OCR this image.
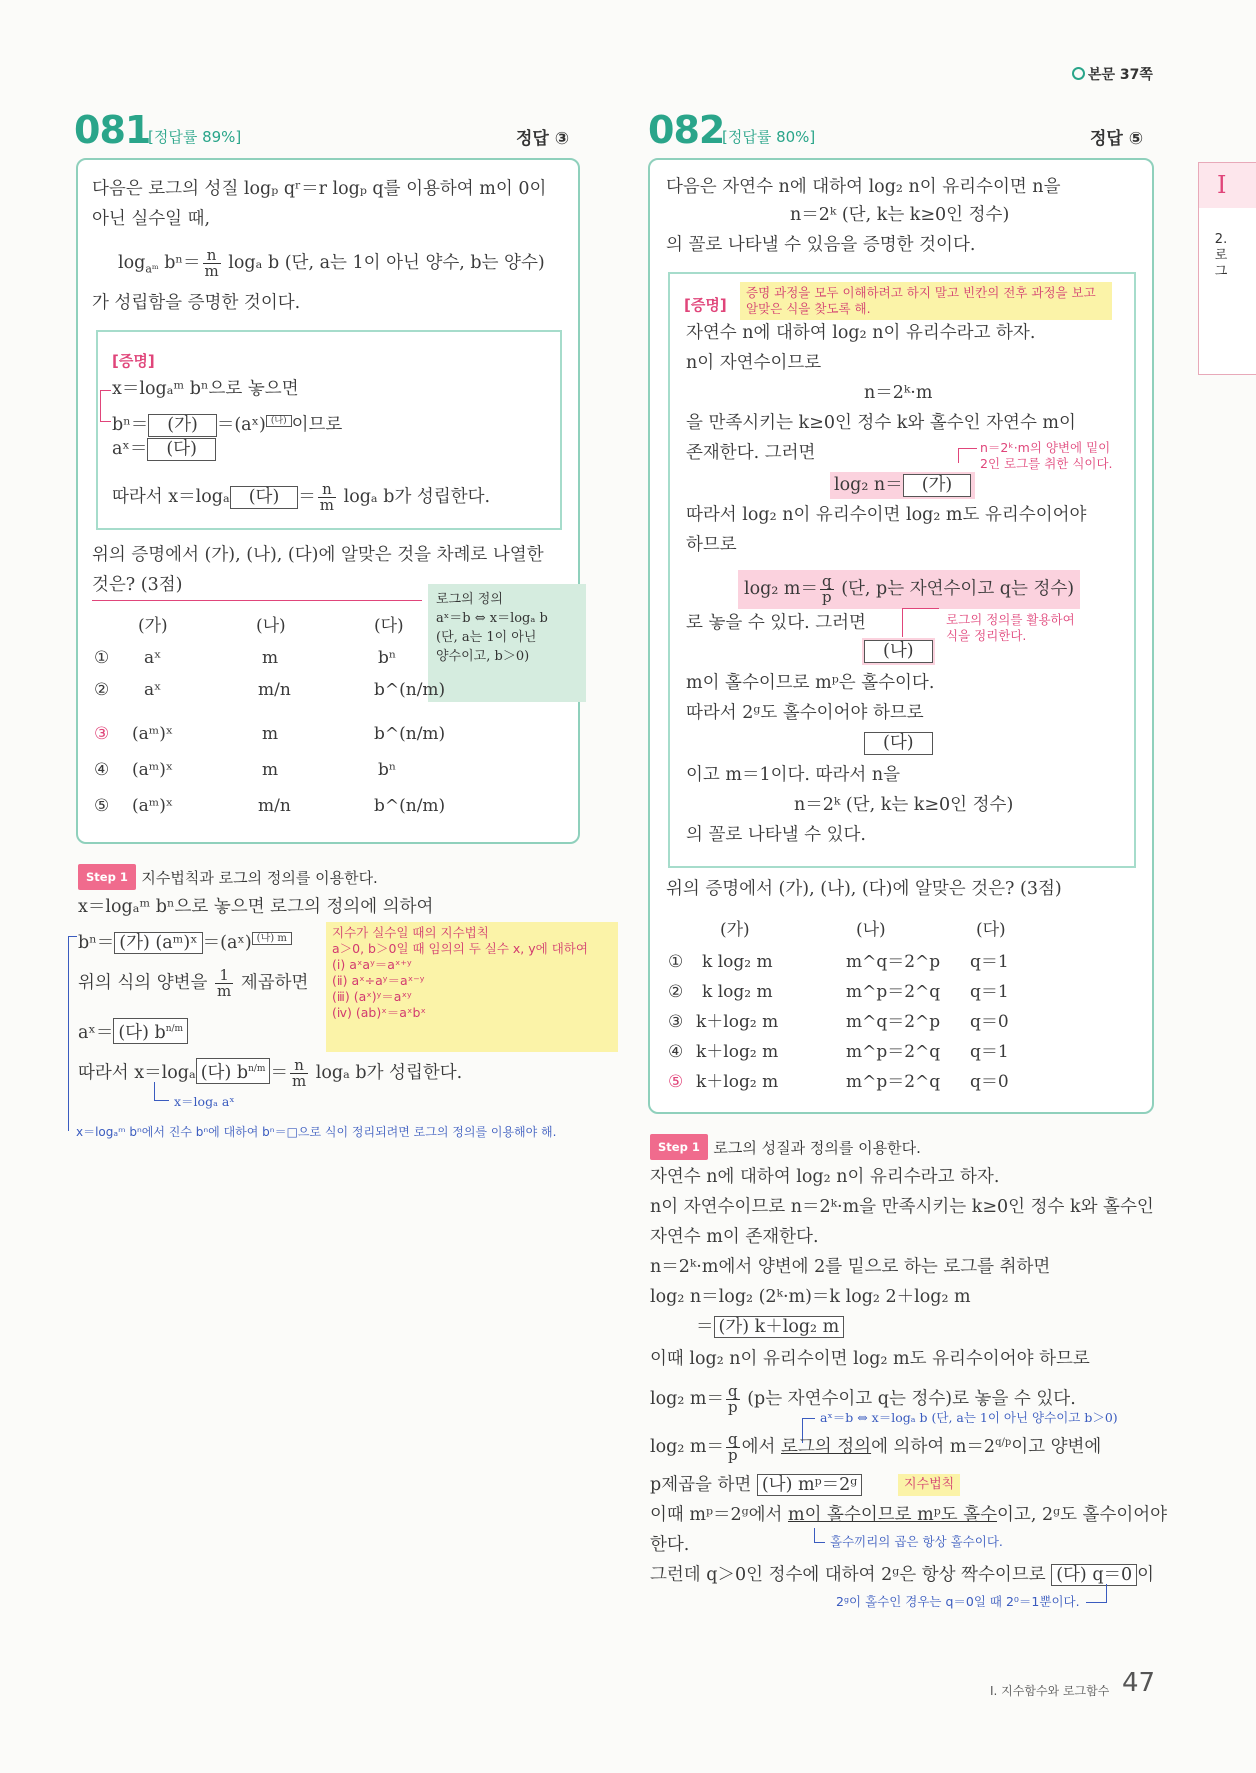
본문 37쪽
Ⅰ
2.
로
그
081
[정답률 89%]	정답 ③
다음은 로그의 성질 logₚ qʳ＝r logₚ q를 이용하여 m이 0이
아닌 실수일 때,
$\log_{aᵐ} b^n= \frac{n}{m}$ logₐ b (단, a는 1이 아닌 양수, b는 양수)
가 성립함을 증명한 것이다.
[증명]
x＝logₐᵐ bⁿ으로 놓으면
bⁿ＝ (가) ＝(aˣ) $^{(나)}$ 이므로
aˣ＝ (다)
따라서 x＝logₐ (다) ＝ $\frac{n}{m}$ logₐ b가 성립한다.
위의 증명에서 (가), (나), (다)에 알맞은 것을 차례로 나열한
것은? (3점)
로그의 정의
aˣ＝b ⇔ x＝logₐ b
(단, a는 1이 아닌
양수이고, b＞0)
(가)	(나)	(다)
① aˣ	m	bⁿ
② aˣ	m/n	b^(n/m)
③ (aᵐ)ˣ	m	b^(n/m)
④ (aᵐ)ˣ	m	bⁿ
⑤ (aᵐ)ˣ	m/n	b^(n/m)
Step 1 지수법칙과 로그의 정의를 이용한다.
x＝logₐᵐ bⁿ으로 놓으면 로그의 정의에 의하여
bⁿ＝ (가) (aᵐ)ˣ ＝(aˣ) $^{(나) m}$	지수가 실수일 때의 지수법칙
a＞0, b＞0일 때 임의의 두 실수 x, y에 대하여
(ⅰ) aˣaʸ＝aˣ⁺ʸ
(ⅱ) aˣ÷aʸ＝aˣ⁻ʸ
(ⅲ) (aˣ)ʸ＝aˣʸ
(ⅳ) (ab)ˣ＝aˣbˣ
위의 식의 양변을 $\frac{1}{m}$ 제곱하면
aˣ＝ (다) $b^{n/m}$
따라서 x＝logₐ (다) $b^{n/m} = \frac{n}{m}$ logₐ b가 성립한다.
x＝logₐ aˣ
x＝logₐᵐ bⁿ에서 진수 bⁿ에 대하여 bⁿ＝□으로 식이 정리되려면 로그의 정의를 이용해야 해.
082
[정답률 80%]	정답 ⑤
다음은 자연수 n에 대하여 log₂ n이 유리수이면 n을
n＝2ᵏ (단, k는 k≥0인 정수)
의 꼴로 나타낼 수 있음을 증명한 것이다.
[증명]
증명 과정을 모두 이해하려고 하지 말고 빈칸의 전후 과정을 보고 알맞은 식을 찾도록 해.
자연수 n에 대하여 log₂ n이 유리수라고 하자.
n이 자연수이므로
n＝2ᵏ·m
을 만족시키는 k≥0인 정수 k와 홀수인 자연수 m이
존재한다. 그러면	n＝2ᵏ·m의 양변에 밑이
2인 로그를 취한 식이다.
log₂ n＝ (가)
따라서 log₂ n이 유리수이면 log₂ m도 유리수이어야
하므로
log₂ $m= \frac{q}{p}$ (단, p는 자연수이고 q는 정수)
로 놓을 수 있다. 그러면	로그의 정의를 활용하여
식을 정리한다.
(나)
m이 홀수이므로 mᵖ은 홀수이다.
따라서 2ᵍ도 홀수이어야 하므로
(다)
이고 m＝1이다. 따라서 n을
n＝2ᵏ (단, k는 k≥0인 정수)
의 꼴로 나타낼 수 있다.
위의 증명에서 (가), (나), (다)에 알맞은 것은? (3점)
(가)	(나)	(다)
① k log₂ m	m^q＝2^p q＝1
② k log₂ m	m^p＝2^q q＝1
③ k＋log₂ m	m^q＝2^p q＝0
④ k＋log₂ m	m^p＝2^q q＝1
⑤ k＋log₂ m	m^p＝2^q q＝0
Step 1 로그의 성질과 정의를 이용한다.
자연수 n에 대하여 log₂ n이 유리수라고 하자.
n이 자연수이므로 n＝2ᵏ·m을 만족시키는 k≥0인 정수 k와 홀수인
자연수 m이 존재한다.
n＝2ᵏ·m에서 양변에 2를 밑으로 하는 로그를 취하면
log₂ n＝log₂ (2ᵏ·m)＝k log₂ 2＋log₂ m
＝ (가) k＋log₂ m
이때 log₂ n이 유리수이면 log₂ m도 유리수이어야 하므로
log₂ $m= \frac{q}{p} (p$는 자연수이고 q는 정수)로 놓을 수 있다.
aˣ＝b ⇔ x＝logₐ b (단, a는 1이 아닌 양수이고 b＞0)
log₂ $m= \frac{q}{p}$ 에서 로그의 정의에 의하여 $m=2^{q/p}$이고 양변에
p제곱을 하면 (나) mᵖ＝2ᵍ	지수법칙
이때 mᵖ＝2ᵍ에서 m이 홀수이므로 mᵖ도 홀수이고, 2ᵍ도 홀수이어야
한다.	홀수끼리의 곱은 항상 홀수이다.
그런데 q＞0인 정수에 대하여 2ᵍ은 항상 짝수이므로 (다) q＝0 이
2ᵍ이 홀수인 경우는 q＝0일 때 2⁰＝1뿐이다.
Ⅰ. 지수함수와 로그함수 47
